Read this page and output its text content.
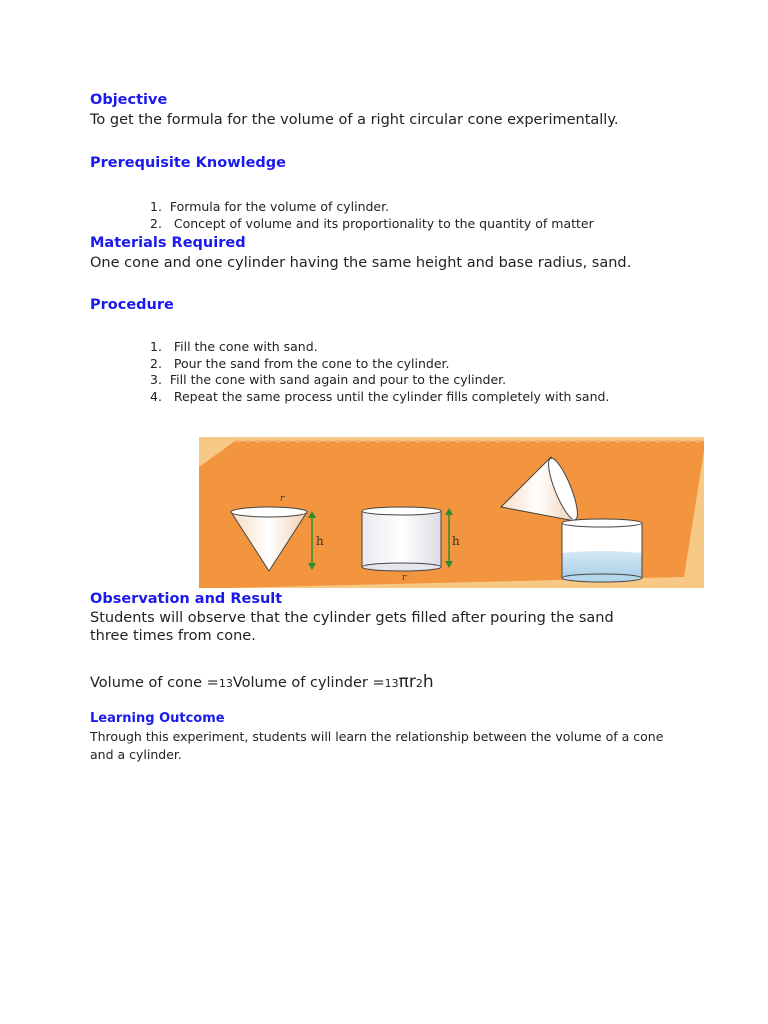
Objective
To get the formula for the volume of a right circular cone experimentally.
Prerequisite Knowledge
1. Formula for the volume of cylinder.
2. Concept of volume and its proportionality to the quantity of matter
Materials Required
One cone and one cylinder having the same height and base radius, sand.
Procedure
1. Fill the cone with sand.
2. Pour the sand from the cone to the cylinder.
3. Fill the cone with sand again and pour to the cylinder.
4. Repeat the same process until the cylinder fills completely with sand.
r
h
r
h
Observation and Result
Students will observe that the cylinder gets filled after pouring the sand
three times from cone.
Volume of cone =13Volume of cylinder =13πr2h
Learning Outcome
Through this experiment, students will learn the relationship between the volume of a cone and a cylinder.
